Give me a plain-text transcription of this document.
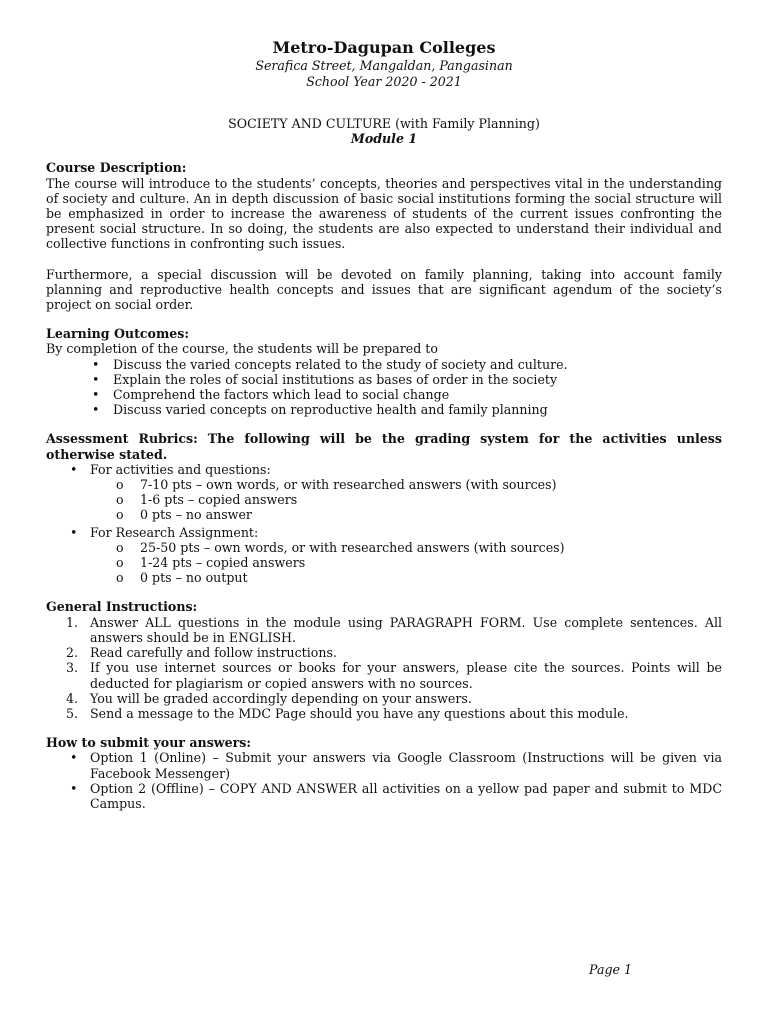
Metro-Dagupan Colleges
Serafica Street, Mangaldan, Pangasinan
School Year 2020 - 2021
SOCIETY AND CULTURE (with Family Planning)
Module 1
Course Description:
The course will introduce to the students’ concepts, theories and perspectives vital in the understanding of society and culture. An in depth discussion of basic social institutions forming the social structure will be emphasized in order to increase the awareness of students of the current issues confronting the present social structure. In so doing, the students are also expected to understand their individual and collective functions in confronting such issues.
Furthermore, a special discussion will be devoted on family planning, taking into account family planning and reproductive health concepts and issues that are significant agendum of the society’s project on social order.
Learning Outcomes:
By completion of the course, the students will be prepared to
• Discuss the varied concepts related to the study of society and culture.
• Explain the roles of social institutions as bases of order in the society
• Comprehend the factors which lead to social change
• Discuss varied concepts on reproductive health and family planning
Assessment Rubrics: The following will be the grading system for the activities unless otherwise stated.
• For activities and questions:
o 7-10 pts – own words, or with researched answers (with sources)
o 1-6 pts – copied answers
o 0 pts – no answer
• For Research Assignment:
o 25-50 pts – own words, or with researched answers (with sources)
o 1-24 pts – copied answers
o 0 pts – no output
General Instructions:
1. Answer ALL questions in the module using PARAGRAPH FORM. Use complete sentences. All answers should be in ENGLISH.
2. Read carefully and follow instructions.
3. If you use internet sources or books for your answers, please cite the sources. Points will be deducted for plagiarism or copied answers with no sources.
4. You will be graded accordingly depending on your answers.
5. Send a message to the MDC Page should you have any questions about this module.
How to submit your answers:
• Option 1 (Online) – Submit your answers via Google Classroom (Instructions will be given via Facebook Messenger)
• Option 2 (Offline) – COPY AND ANSWER all activities on a yellow pad paper and submit to MDC Campus.
Page 1
